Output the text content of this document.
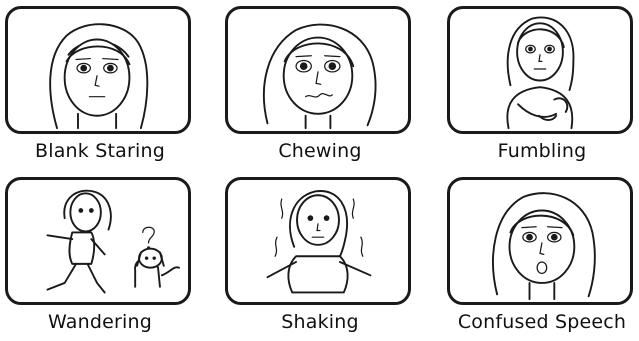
Blank Staring	Chewing	Fumbling
Wandering	Shaking	Confused Speech
